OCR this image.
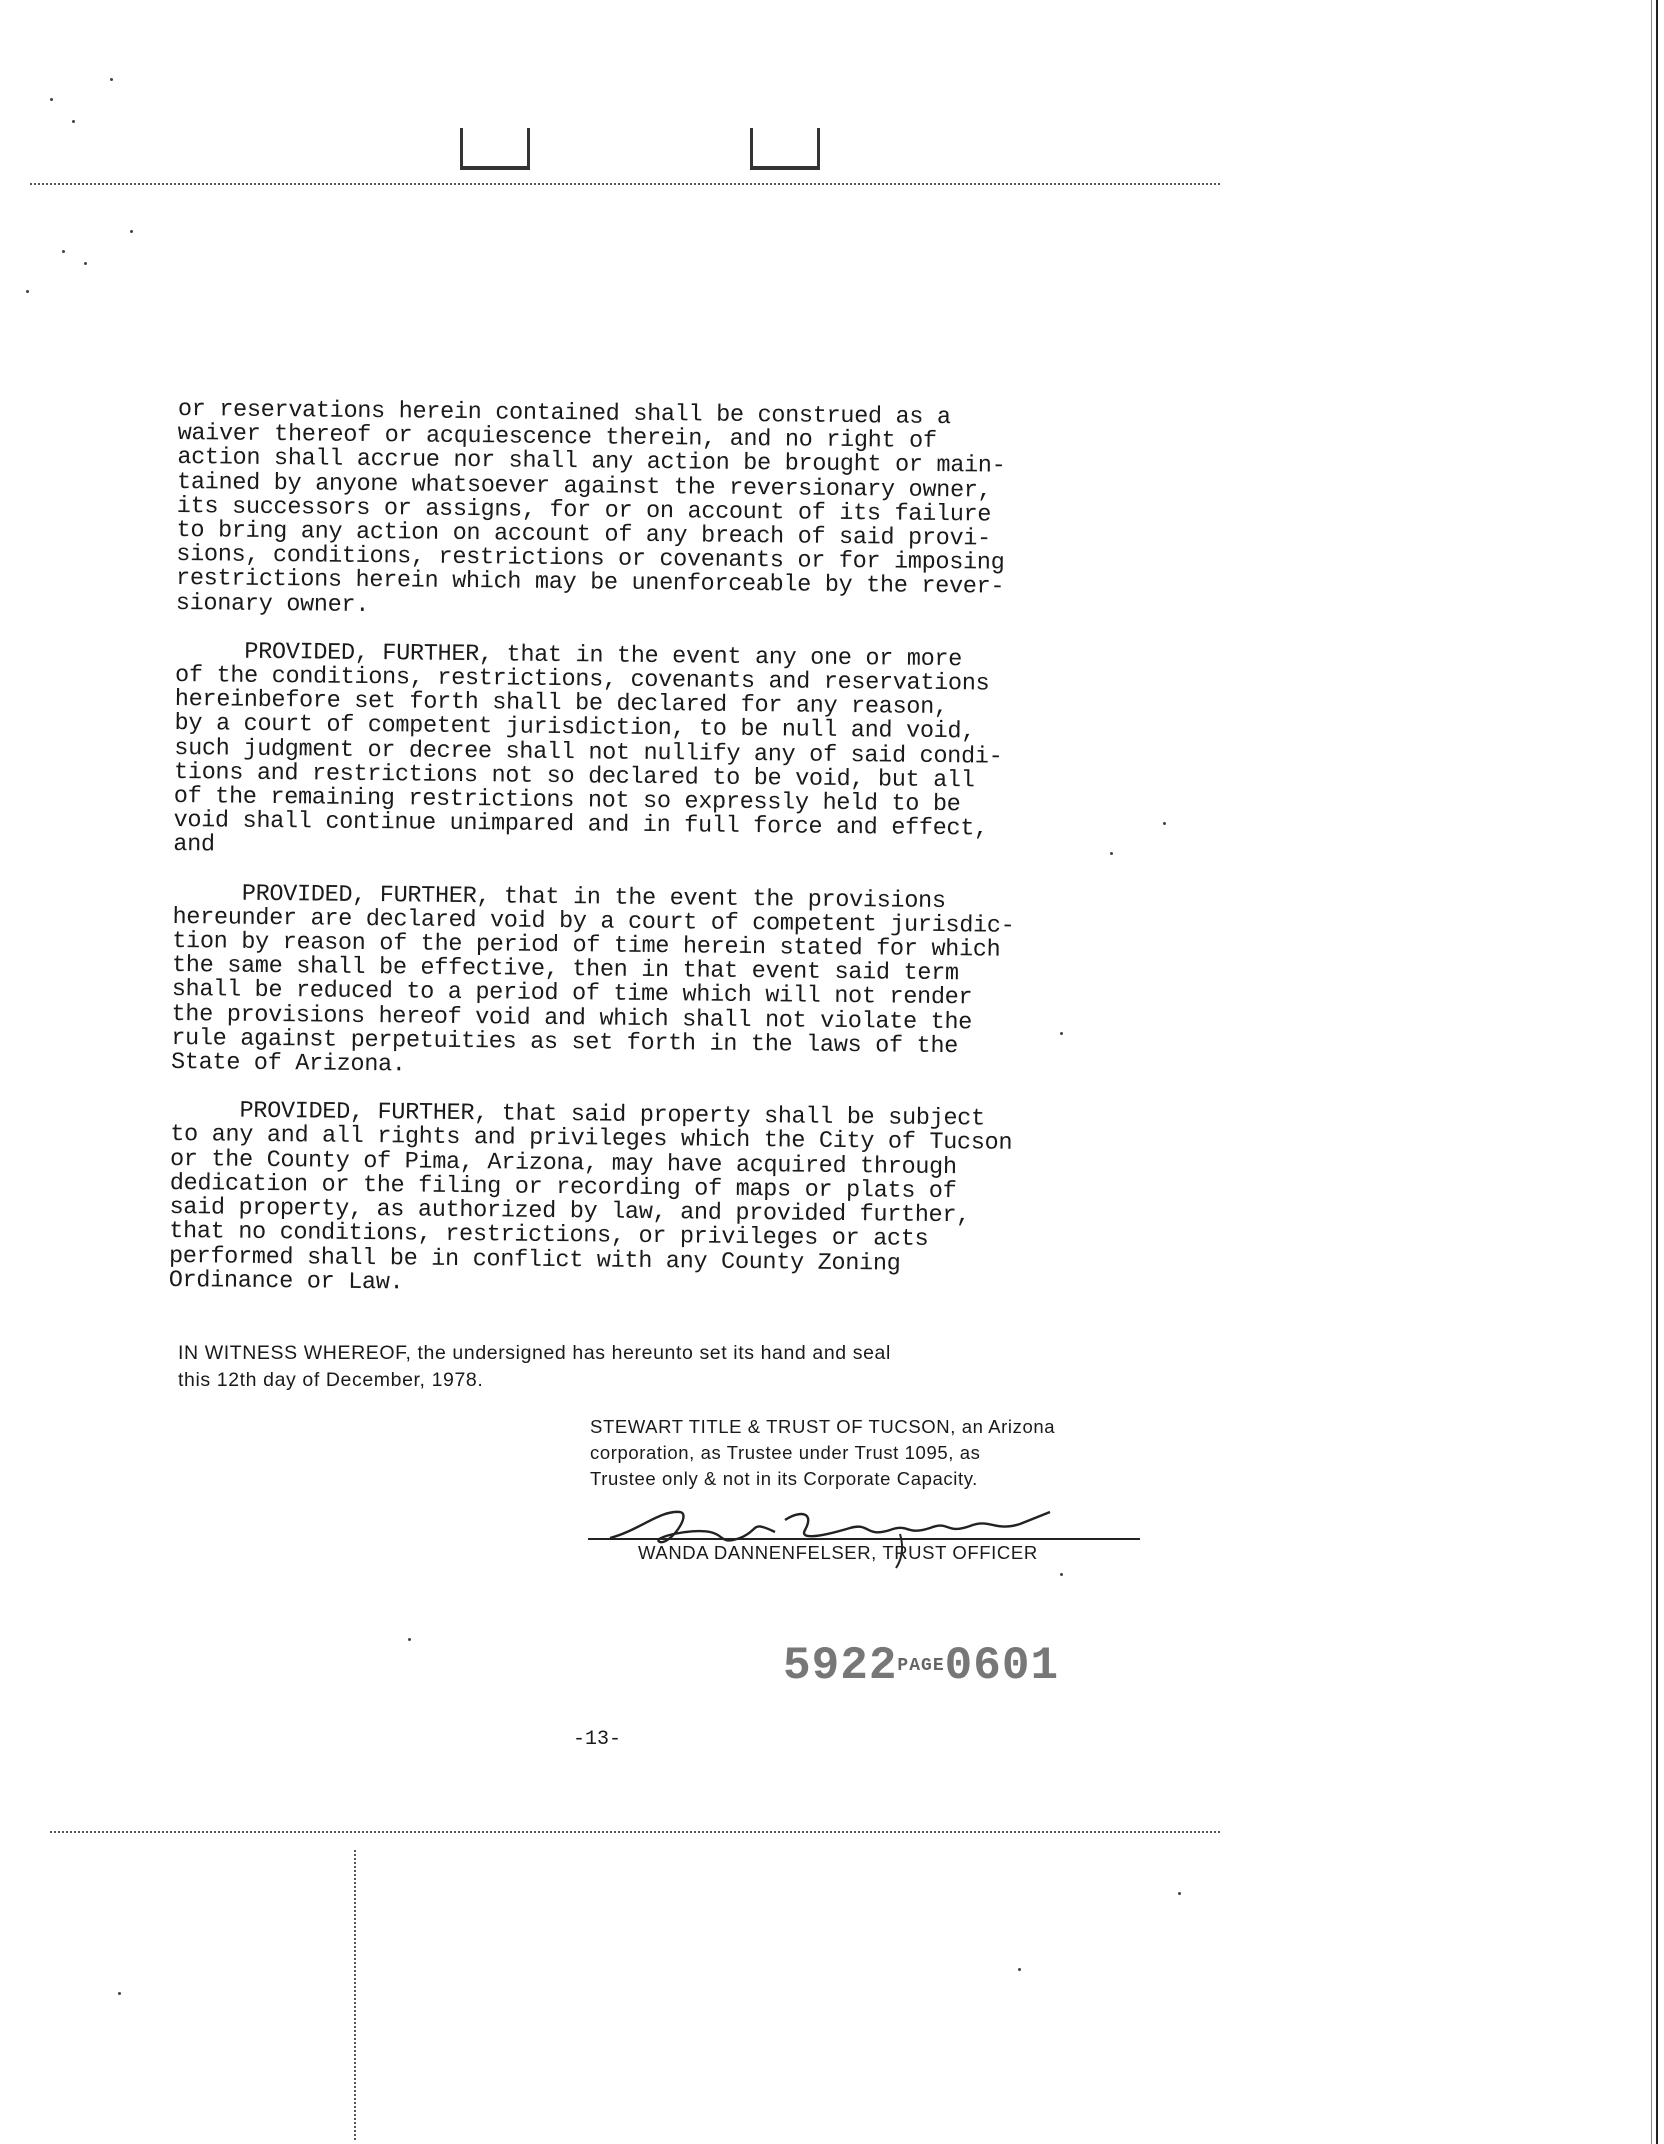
or reservations herein contained shall be construed as a
waiver thereof or acquiescence therein, and no right of
action shall accrue nor shall any action be brought or main-
tained by anyone whatsoever against the reversionary owner,
its successors or assigns, for or on account of its failure
to bring any action on account of any breach of said provi-
sions, conditions, restrictions or covenants or for imposing
restrictions herein which may be unenforceable by the rever-
sionary owner.

PROVIDED, FURTHER, that in the event any one or more
of the conditions, restrictions, covenants and reservations
hereinbefore set forth shall be declared for any reason,
by a court of competent jurisdiction, to be null and void,
such judgment or decree shall not nullify any of said condi-
tions and restrictions not so declared to be void, but all
of the remaining restrictions not so expressly held to be
void shall continue unimpared and in full force and effect,
and

PROVIDED, FURTHER, that in the event the provisions
hereunder are declared void by a court of competent jurisdic-
tion by reason of the period of time herein stated for which
the same shall be effective, then in that event said term
shall be reduced to a period of time which will not render
the provisions hereof void and which shall not violate the
rule against perpetuities as set forth in the laws of the
State of Arizona.

PROVIDED, FURTHER, that said property shall be subject
to any and all rights and privileges which the City of Tucson
or the County of Pima, Arizona, may have acquired through
dedication or the filing or recording of maps or plats of
said property, as authorized by law, and provided further,
that no conditions, restrictions, or privileges or acts
performed shall be in conflict with any County Zoning
Ordinance or Law.

IN WITNESS WHEREOF, the undersigned has hereunto set its hand and seal
this 12th day of December, 1978.
STEWART TITLE & TRUST OF TUCSON, an Arizona
corporation, as Trustee under Trust 1095, as
Trustee only & not in its Corporate Capacity.
WANDA DANNENFELSER, TRUST OFFICER
5922PAGE0601
-13-
